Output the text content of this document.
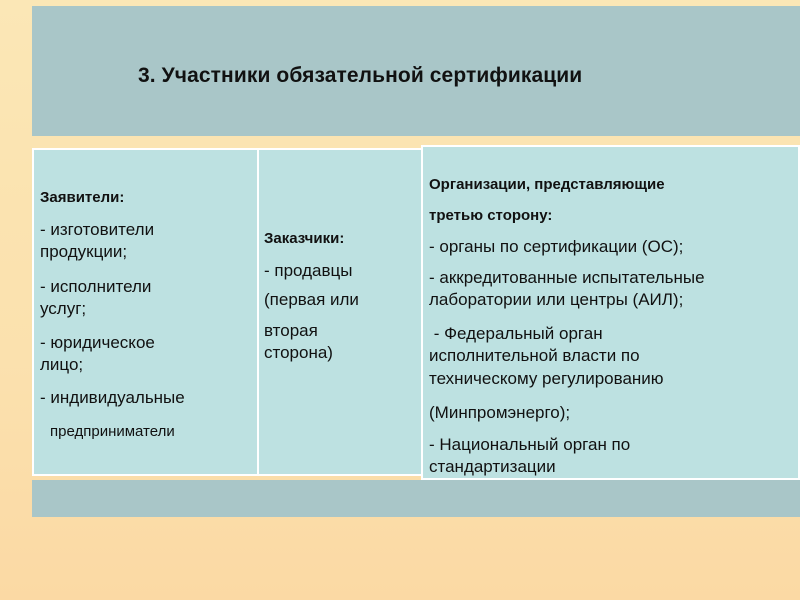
3. Участники обязательной сертификации
Заявители:
- изготовители
продукции;
- исполнители
услуг;
- юридическое
лицо;
- индивидуальные
предприниматели
Заказчики:
- продавцы
(первая или
вторая
сторона)
Организации, представляющие
третью сторону:
- органы по сертификации (ОС);
- аккредитованные испытательные
лаборатории или центры (АИЛ);
- Федеральный орган
исполнительной власти по
техническому регулированию
(Минпромэнерго);
- Национальный орган по
стандартизации
